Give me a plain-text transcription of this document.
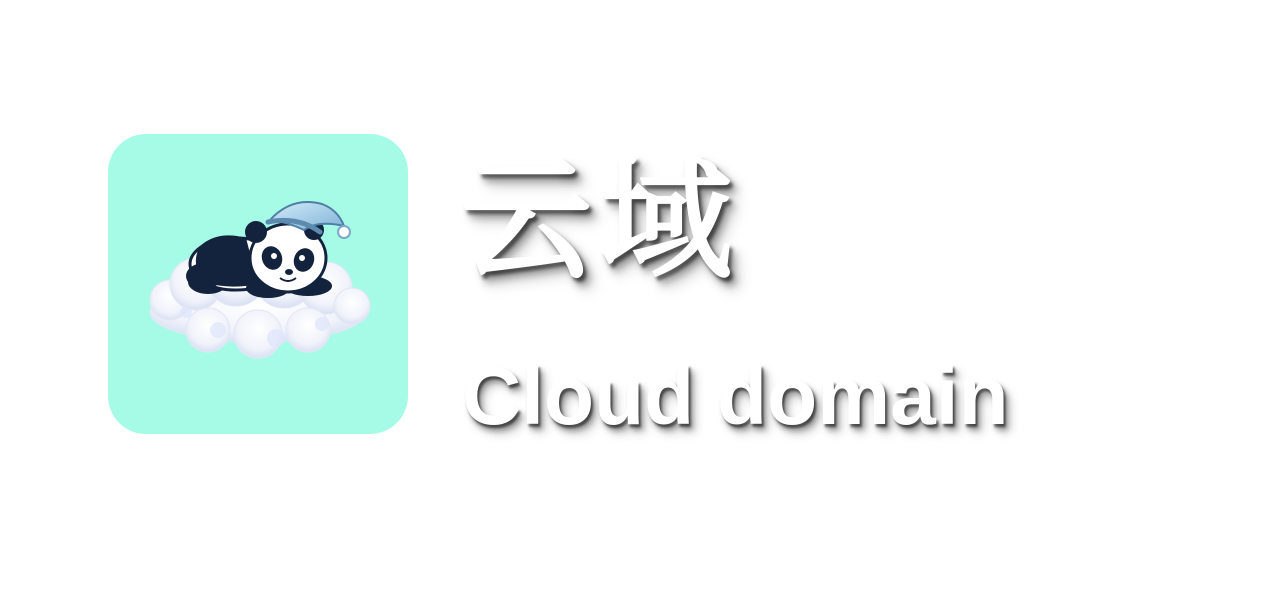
云域
Cloud domain
